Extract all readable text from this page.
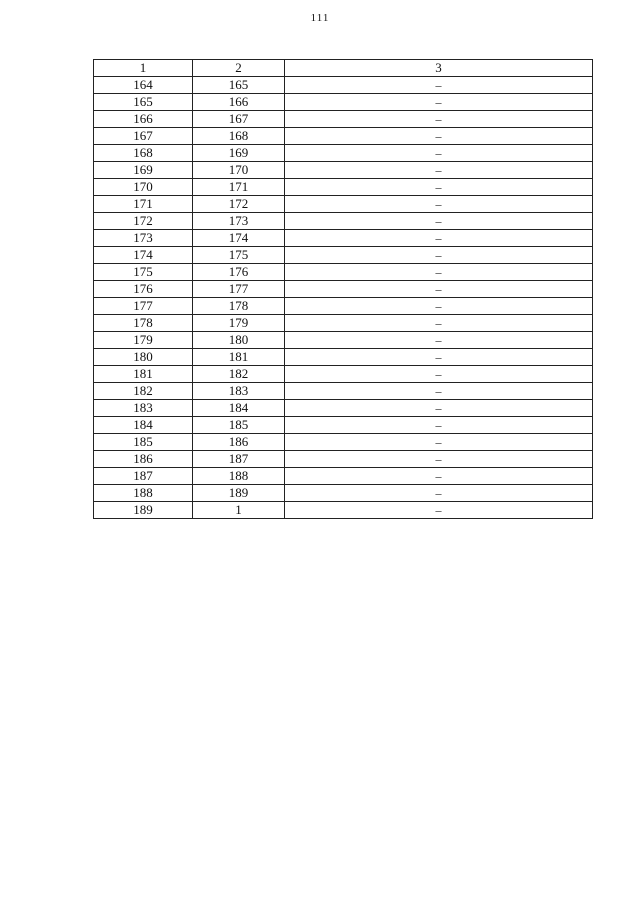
111
1	2	3
164	165	–
165	166	–
166	167	–
167	168	–
168	169	–
169	170	–
170	171	–
171	172	–
172	173	–
173	174	–
174	175	–
175	176	–
176	177	–
177	178	–
178	179	–
179	180	–
180	181	–
181	182	–
182	183	–
183	184	–
184	185	–
185	186	–
186	187	–
187	188	–
188	189	–
189	1	–
